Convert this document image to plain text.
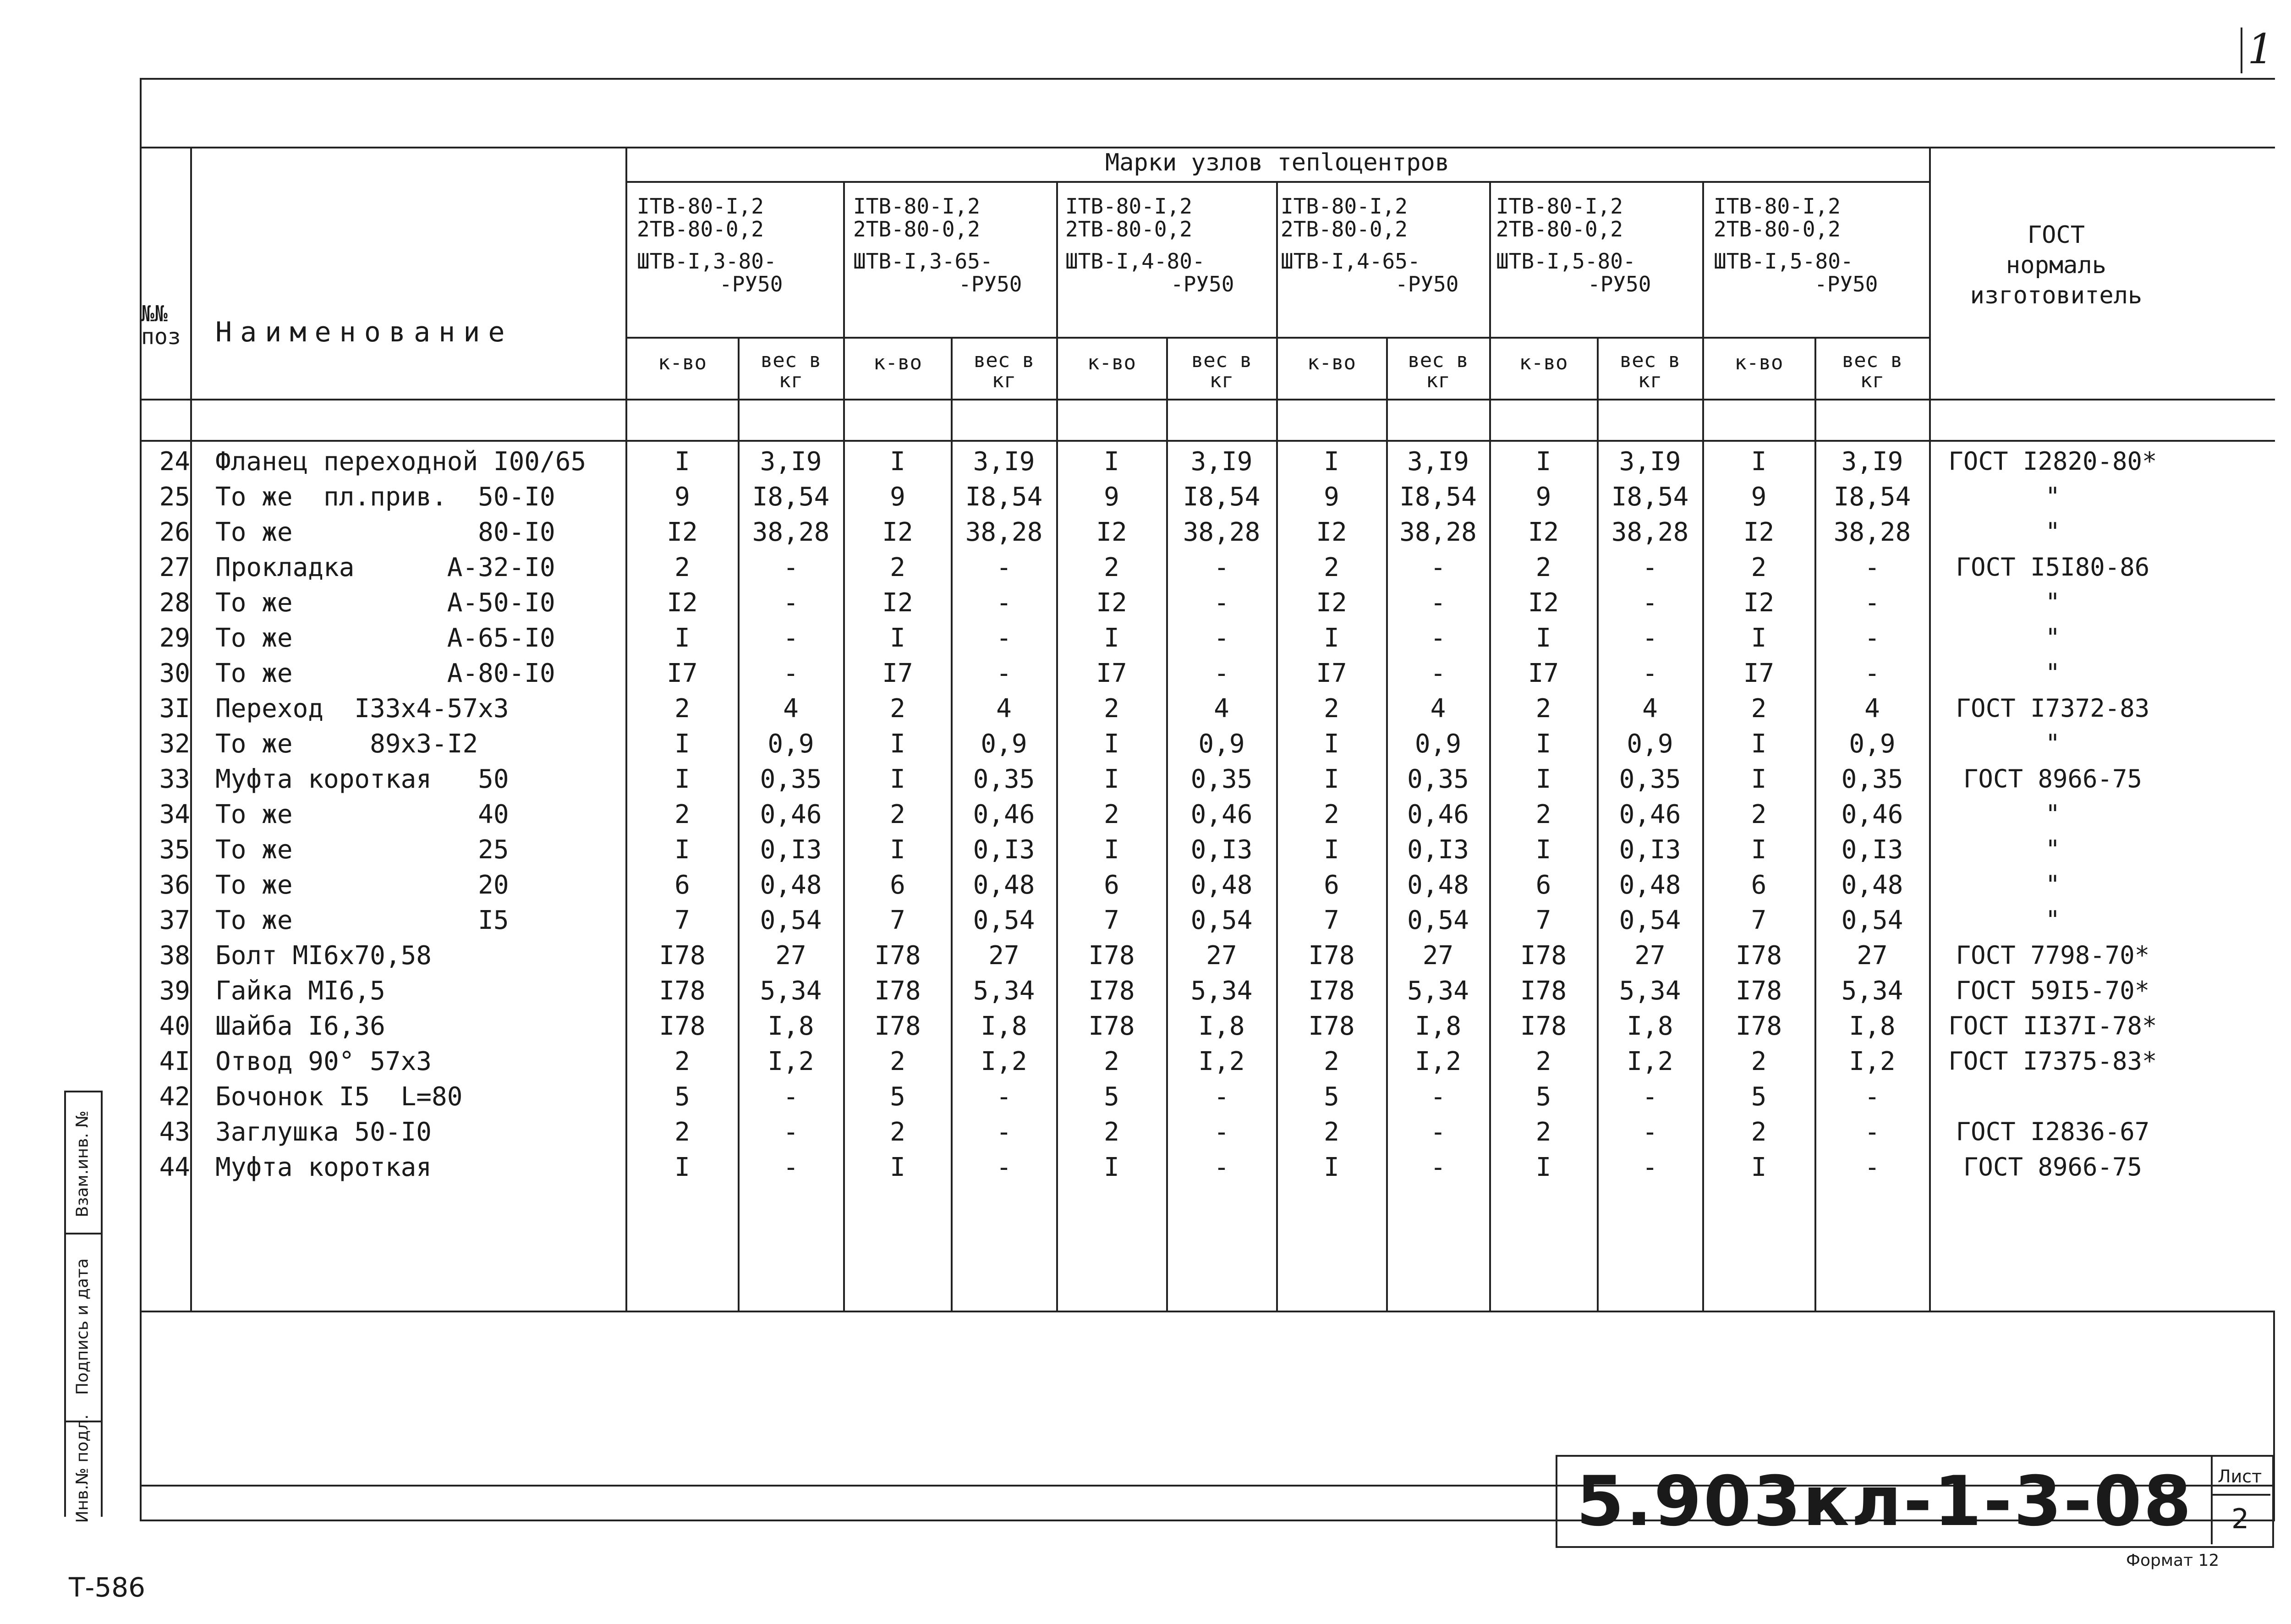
1
Марки узлов тепloцентров
№№
поз	Наименование
ГОСТ
нормаль
изготовитель
IТВ-80-I,2
2ТВ-80-0,2
ШТВ-I,3-80-
-РУ50
IТВ-80-I,2
2ТВ-80-0,2
ШТВ-I,3-65-
-РУ50
IТВ-80-I,2
2ТВ-80-0,2
ШТВ-I,4-80-
-РУ50
IТВ-80-I,2
2ТВ-80-0,2
ШТВ-I,4-65-
-РУ50
IТВ-80-I,2
2ТВ-80-0,2
ШТВ-I,5-80-
-РУ50
IТВ-80-I,2
2ТВ-80-0,2
ШТВ-I,5-80-
-РУ50
к-во	вес в
кг
к-во	вес в
кг
к-во	вес в
кг
к-во	вес в
кг
к-во	вес в
кг
к-во	вес в
кг
24 Фланец переходной I00/65	I	3,I9	I	3,I9	I	3,I9	I	3,I9	I	3,I9	I	3,I9	ГОСТ I2820-80*
25 То же  пл.прив.  50-I0	9	I8,54	9	I8,54	9	I8,54	9	I8,54	9	I8,54	9	I8,54	"
26 То же            80-I0	I2	38,28	I2	38,28	I2	38,28	I2	38,28	I2	38,28	I2	38,28	"
27 Прокладка      А-32-I0	2	-	2	-	2	-	2	-	2	-	2	-	ГОСТ I5I80-86
28 То же          А-50-I0	I2	-	I2	-	I2	-	I2	-	I2	-	I2	-	"
29 То же          А-65-I0	I	-	I	-	I	-	I	-	I	-	I	-	"
30 То же          А-80-I0	I7	-	I7	-	I7	-	I7	-	I7	-	I7	-	"
3I Переход  I33х4-57х3	2	4	2	4	2	4	2	4	2	4	2	4	ГОСТ I7372-83
32 То же     89х3-I2	I	0,9	I	0,9	I	0,9	I	0,9	I	0,9	I	0,9	"
33 Муфта короткая   50	I	0,35	I	0,35	I	0,35	I	0,35	I	0,35	I	0,35	ГОСТ 8966-75
34 То же            40	2	0,46	2	0,46	2	0,46	2	0,46	2	0,46	2	0,46	"
35 То же            25	I	0,I3	I	0,I3	I	0,I3	I	0,I3	I	0,I3	I	0,I3	"
36 То же            20	6	0,48	6	0,48	6	0,48	6	0,48	6	0,48	6	0,48	"
37 То же            I5	7	0,54	7	0,54	7	0,54	7	0,54	7	0,54	7	0,54	"
38 Болт МI6х70,58	I78	27	I78	27	I78	27	I78	27	I78	27	I78	27	ГОСТ 7798-70*
39 Гайка МI6,5	I78	5,34	I78	5,34	I78	5,34	I78	5,34	I78	5,34	I78	5,34	ГОСТ 59I5-70*
40 Шайба I6,36	I78	I,8	I78	I,8	I78	I,8	I78	I,8	I78	I,8	I78	I,8	ГОСТ II37I-78*
4I Отвод 90° 57х3	2	I,2	2	I,2	2	I,2	2	I,2	2	I,2	2	I,2	ГОСТ I7375-83*
42 Бочонок I5  L=80	5	-	5	-	5	-	5	-	5	-	5	-
43 Заглушка 50-I0	2	-	2	-	2	-	2	-	2	-	2	-	ГОСТ I2836-67
44 Муфта короткая	I	-	I	-	I	-	I	-	I	-	I	-	ГОСТ 8966-75
Взам.инв. №
Подпись и дата
Инв.№ подл.	5.903кл-1-3-08 Лист
2
Формат 12
Т-586
